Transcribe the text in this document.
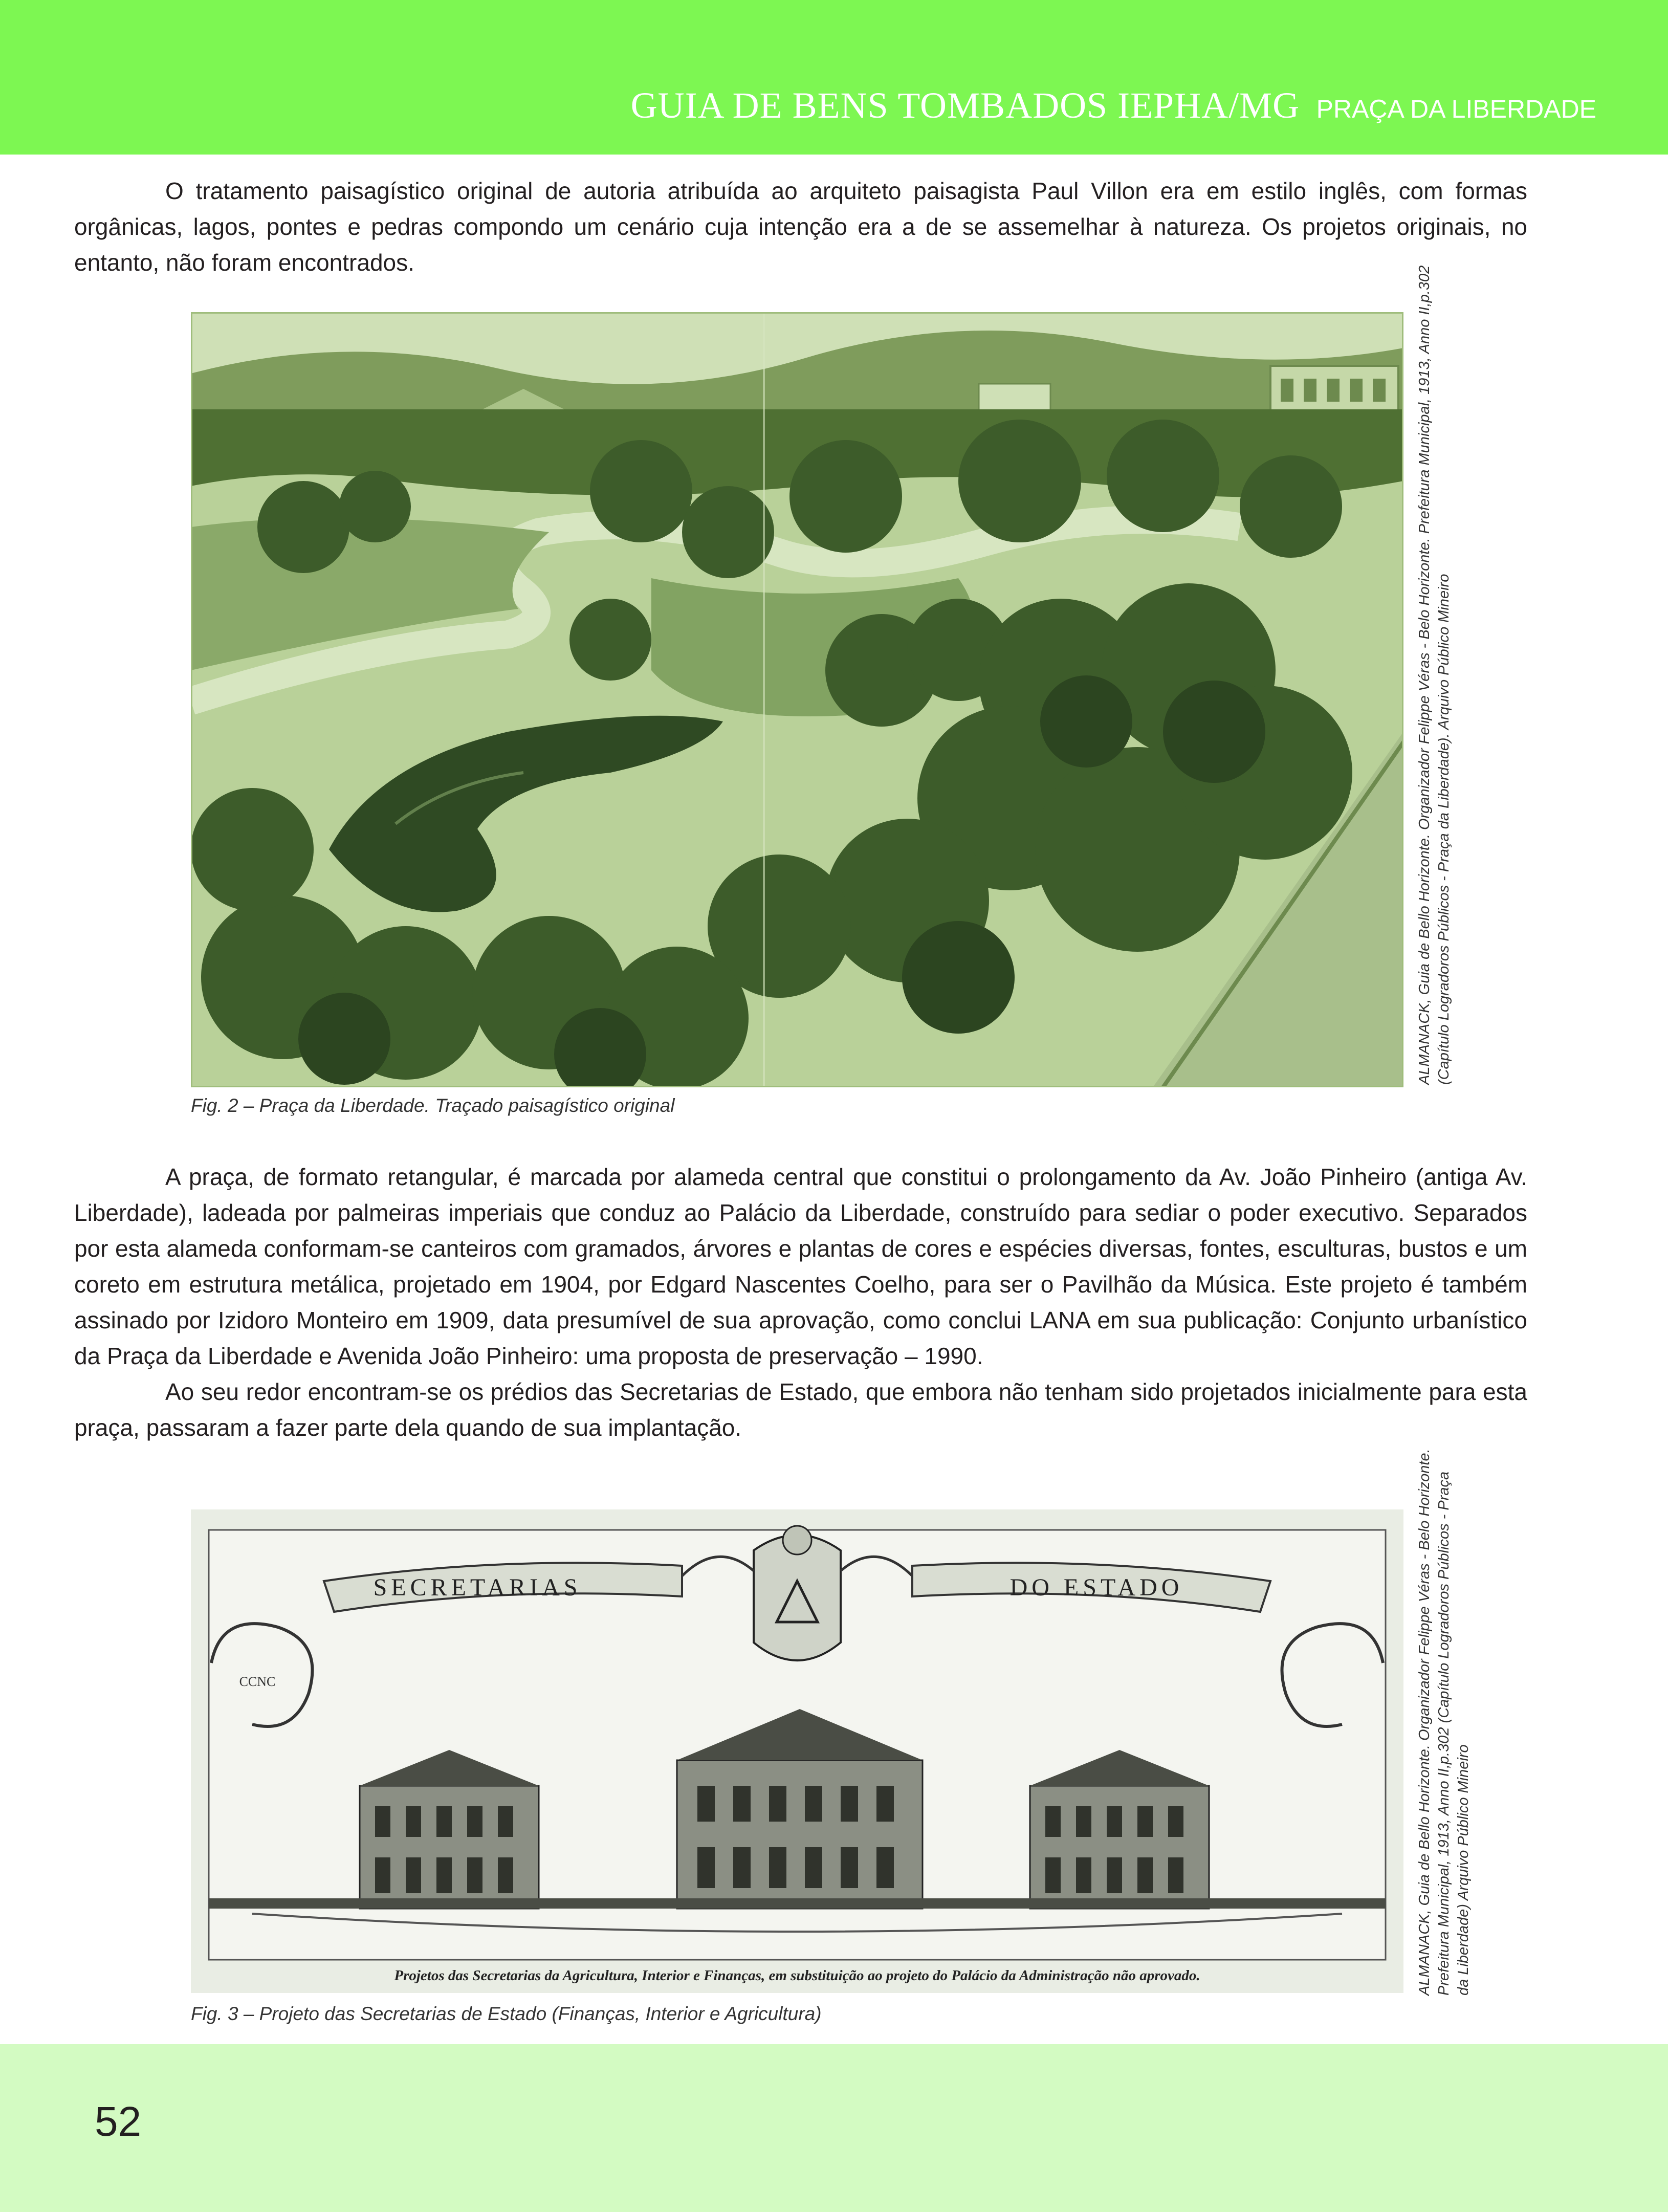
GUIA DE BENS TOMBADOS IEPHA/MG PRAÇA DA LIBERDADE

O tratamento paisagístico original de autoria atribuída ao arquiteto paisagista Paul Villon era em estilo inglês, com formas orgânicas, lagos, pontes e pedras compondo um cenário cuja intenção era a de se assemelhar à natureza. Os projetos originais, no entanto, não foram encontrados.

Fig. 2 – Praça da Liberdade. Traçado paisagístico original
ALMANACK, Guia de Bello Horizonte. Organizador Felippe Véras - Belo Horizonte. Prefeitura Municipal, 1913, Anno II,p.302 (Capítulo Logradoros Públicos - Praça da Liberdade). Arquivo Público Mineiro

A praça, de formato retangular, é marcada por alameda central que constitui o prolongamento da Av. João Pinheiro (antiga Av. Liberdade), ladeada por palmeiras imperiais que conduz ao Palácio da Liberdade, construído para sediar o poder executivo. Separados por esta alameda conformam-se canteiros com gramados, árvores e plantas de cores e espécies diversas, fontes, esculturas, bustos e um coreto em estrutura metálica, projetado em 1904, por Edgard Nascentes Coelho, para ser o Pavilhão da Música. Este projeto é também assinado por Izidoro Monteiro em 1909, data presumível de sua aprovação, como conclui LANA em sua publicação: Conjunto urbanístico da Praça da Liberdade e Avenida João Pinheiro: uma proposta de preservação – 1990.

Ao seu redor encontram-se os prédios das Secretarias de Estado, que embora não tenham sido projetados inicialmente para esta praça, passaram a fazer parte dela quando de sua implantação.

SECRETARIAS	DO ESTADO
CCNC
Projetos das Secretarias da Agricultura, Interior e Finanças, em substituição ao projeto do Palácio da Administração não aprovado.
Fig. 3 – Projeto das Secretarias de Estado (Finanças, Interior e Agricultura)
ALMANACK, Guia de Bello Horizonte. Organizador Felippe Véras - Belo Horizonte. Prefeitura Municipal, 1913, Anno II,p.302 (Capítulo Logradoros Públicos - Praça da Liberdade) Arquivo Público Mineiro
52
